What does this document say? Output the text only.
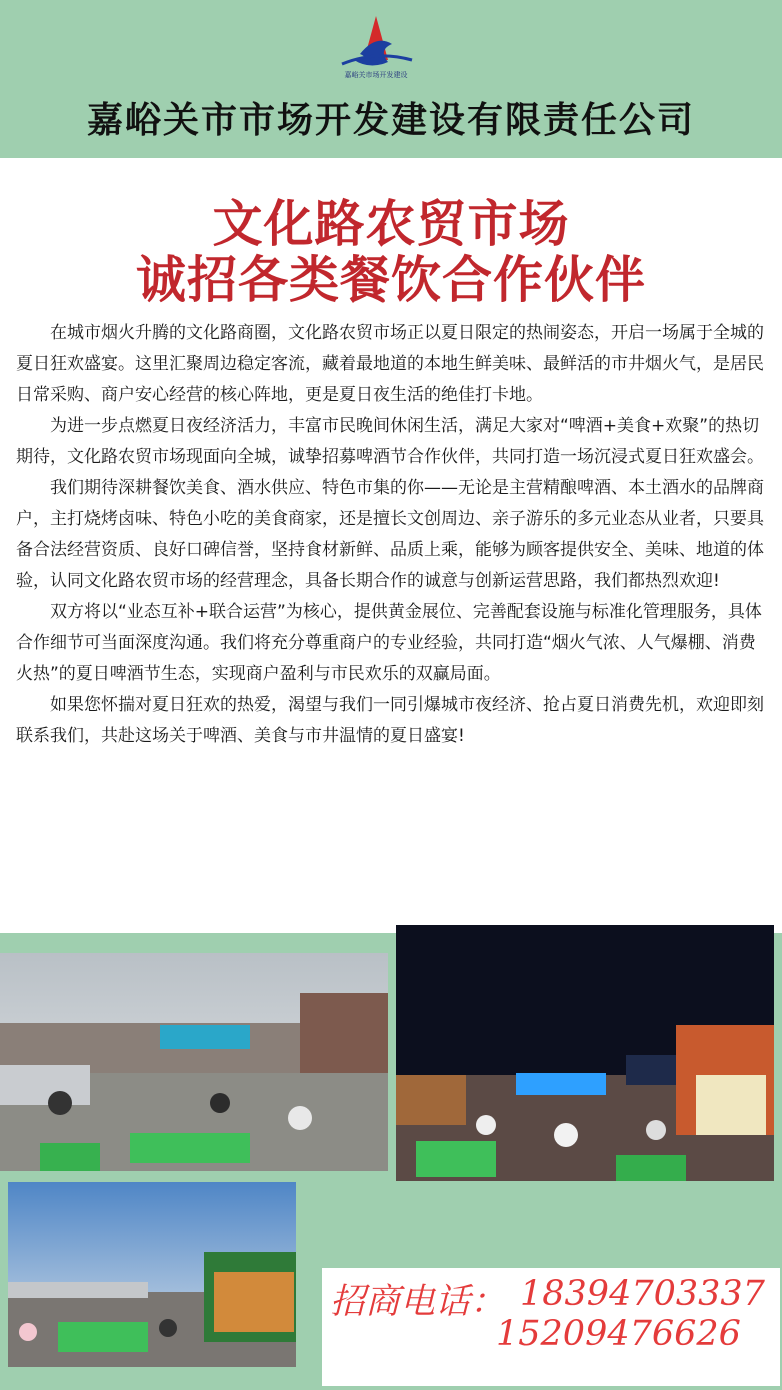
嘉峪关市场开发建设
嘉峪关市市场开发建设有限责任公司
文化路农贸市场
诚招各类餐饮合作伙伴

在城市烟火升腾的文化路商圈，文化路农贸市场正以夏日限定的热闹姿态，开启一场属于全城的夏日狂欢盛宴。这里汇聚周边稳定客流，藏着最地道的本地生鲜美味、最鲜活的市井烟火气，是居民日常采购、商户安心经营的核心阵地，更是夏日夜生活的绝佳打卡地。

为进一步点燃夏日夜经济活力，丰富市民晚间休闲生活，满足大家对“啤酒+美食+欢聚”的热切期待，文化路农贸市场现面向全城，诚挚招募啤酒节合作伙伴，共同打造一场沉浸式夏日狂欢盛会。

我们期待深耕餐饮美食、酒水供应、特色市集的你——无论是主营精酿啤酒、本土酒水的品牌商户，主打烧烤卤味、特色小吃的美食商家，还是擅长文创周边、亲子游乐的多元业态从业者，只要具备合法经营资质、良好口碑信誉，坚持食材新鲜、品质上乘，能够为顾客提供安全、美味、地道的体验，认同文化路农贸市场的经营理念，具备长期合作的诚意与创新运营思路，我们都热烈欢迎!

双方将以“业态互补+联合运营”为核心，提供黄金展位、完善配套设施与标准化管理服务，具体合作细节可当面深度沟通。我们将充分尊重商户的专业经验，共同打造“烟火气浓、人气爆棚、消费火热”的夏日啤酒节生态，实现商户盈利与市民欢乐的双赢局面。

如果您怀揣对夏日狂欢的热爱，渴望与我们一同引爆城市夜经济、抢占夏日消费先机，欢迎即刻联系我们，共赴这场关于啤酒、美食与市井温情的夏日盛宴!

招商电话： 18394703337
15209476626
